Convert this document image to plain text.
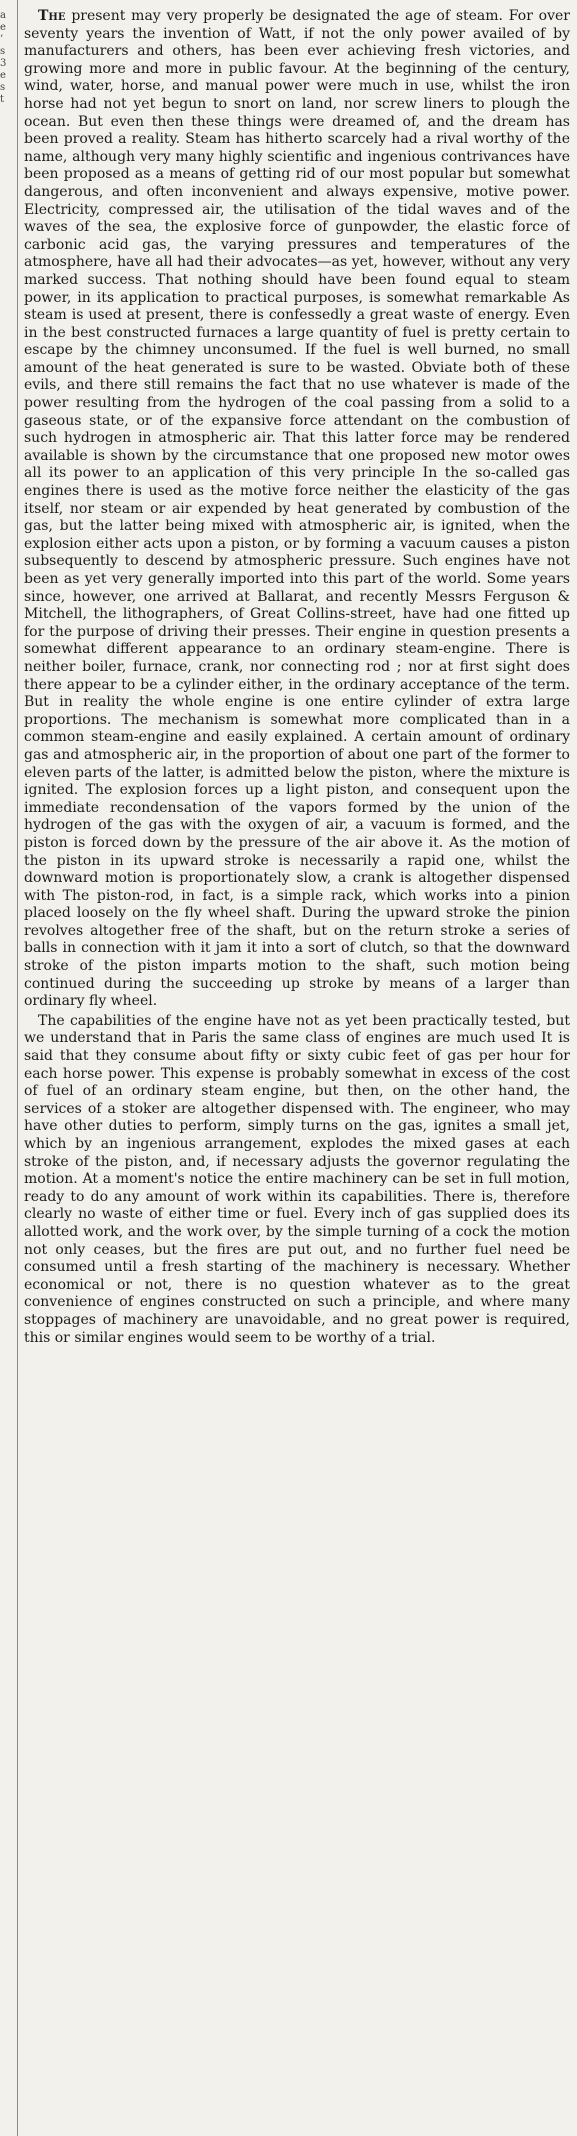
a
e
’
s
3
e
s
t

The present may very properly be designated the age of steam. For over seventy years the invention of Watt, if not the only power availed of by manufacturers and others, has been ever achieving fresh victories, and growing more and more in public favour. At the beginning of the century, wind, water, horse, and manual power were much in use, whilst the iron horse had not yet begun to snort on land, nor screw liners to plough the ocean. But even then these things were dreamed of, and the dream has been proved a reality. Steam has hitherto scarcely had a rival worthy of the name, although very many highly scientific and ingenious contrivances have been proposed as a means of getting rid of our most popular but somewhat dangerous, and often inconvenient and always expensive, motive power. Electricity, compressed air, the utilisation of the tidal waves and of the waves of the sea, the explosive force of gunpowder, the elastic force of carbonic acid gas, the varying pressures and temperatures of the atmosphere, have all had their advocates—as yet, however, without any very marked success. That nothing should have been found equal to steam power, in its application to practical purposes, is somewhat remarkable As steam is used at present, there is confessedly a great waste of energy. Even in the best constructed furnaces a large quantity of fuel is pretty certain to escape by the chimney unconsumed. If the fuel is well burned, no small amount of the heat generated is sure to be wasted. Obviate both of these evils, and there still remains the fact that no use whatever is made of the power resulting from the hydrogen of the coal passing from a solid to a gaseous state, or of the expansive force attendant on the combustion of such hydrogen in atmospheric air. That this latter force may be rendered available is shown by the circumstance that one proposed new motor owes all its power to an application of this very principle In the so-called gas engines there is used as the motive force neither the elasticity of the gas itself, nor steam or air expended by heat generated by combustion of the gas, but the latter being mixed with atmospheric air, is ignited, when the explosion either acts upon a piston, or by forming a vacuum causes a piston subsequently to descend by atmospheric pressure. Such engines have not been as yet very generally imported into this part of the world. Some years since, however, one arrived at Ballarat, and recently Messrs Ferguson & Mitchell, the lithographers, of Great Collins-street, have had one fitted up for the purpose of driving their presses. Their engine in question presents a somewhat different appearance to an ordinary steam-engine. There is neither boiler, furnace, crank, nor connecting rod ; nor at first sight does there appear to be a cylinder either, in the ordinary acceptance of the term. But in reality the whole engine is one entire cylinder of extra large proportions. The mechanism is somewhat more complicated than in a common steam-engine and easily explained. A certain amount of ordinary gas and atmospheric air, in the proportion of about one part of the former to eleven parts of the latter, is admitted below the piston, where the mixture is ignited. The explosion forces up a light piston, and consequent upon the immediate recondensation of the vapors formed by the union of the hydrogen of the gas with the oxygen of air, a vacuum is formed, and the piston is forced down by the pressure of the air above it. As the motion of the piston in its upward stroke is necessarily a rapid one, whilst the downward motion is proportionately slow, a crank is altogether dispensed with The piston-rod, in fact, is a simple rack, which works into a pinion placed loosely on the fly wheel shaft. During the upward stroke the pinion revolves altogether free of the shaft, but on the return stroke a series of balls in connection with it jam it into a sort of clutch, so that the downward stroke of the piston imparts motion to the shaft, such motion being continued during the succeeding up stroke by means of a larger than ordinary fly wheel.

The capabilities of the engine have not as yet been practically tested, but we understand that in Paris the same class of engines are much used It is said that they consume about fifty or sixty cubic feet of gas per hour for each horse power. This expense is probably somewhat in excess of the cost of fuel of an ordinary steam engine, but then, on the other hand, the services of a stoker are altogether dispensed with. The engineer, who may have other duties to perform, simply turns on the gas, ignites a small jet, which by an ingenious arrangement, explodes the mixed gases at each stroke of the piston, and, if necessary adjusts the governor regulating the motion. At a moment's notice the entire machinery can be set in full motion, ready to do any amount of work within its capabilities. There is, therefore clearly no waste of either time or fuel. Every inch of gas supplied does its allotted work, and the work over, by the simple turning of a cock the motion not only ceases, but the fires are put out, and no further fuel need be consumed until a fresh starting of the machinery is necessary. Whether economical or not, there is no question whatever as to the great convenience of engines constructed on such a principle, and where many stoppages of machinery are unavoidable, and no great power is required, this or similar engines would seem to be worthy of a trial.
